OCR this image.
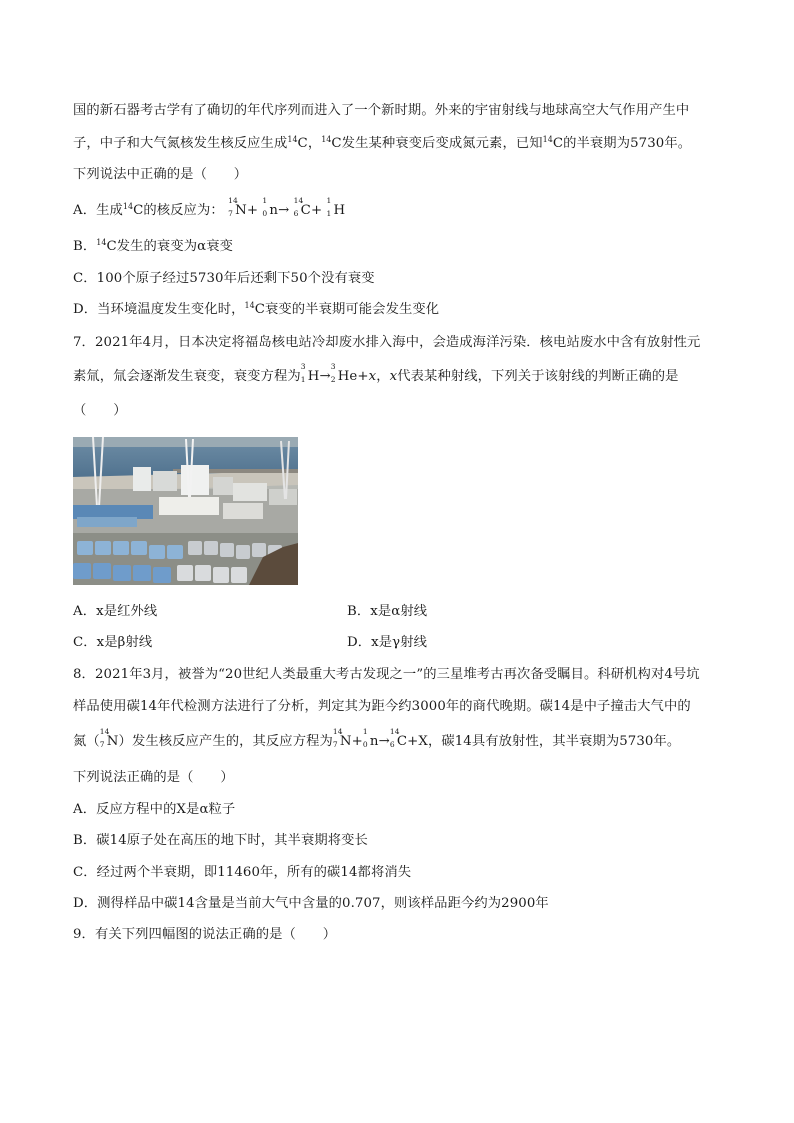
国的新石器考古学有了确切的年代序列而进入了一个新时期。外来的宇宙射线与地球高空大气作用产生中
子，中子和大气氮核发生核反应生成$^{14}$C，$^{14}$C发生某种衰变后变成氮元素，已知$^{14}$C的半衰期为5730年。
下列说法中正确的是（　　）
A．生成$^{14}$C的核反应为：
14
7 N+
1
0 n→
14
6 C+
1
1 H
B．$^{14}$C发生的衰变为α衰变
C．100个原子经过5730年后还剩下50个没有衰变
D．当环境温度发生变化时，$^{14}$C衰变的半衰期可能会发生变化
7．2021年4月，日本决定将福岛核电站冷却废水排入海中，会造成海洋污染．核电站废水中含有放射性元
素氚，氚会逐渐发生衰变，衰变方程为
3
1 H→
3
2 He+x，x代表某种射线，下列关于该射线的判断正确的是
（　　）
A．x是红外线	B．x是α射线
C．x是β射线	D．x是γ射线
8．2021年3月，被誉为“20世纪人类最重大考古发现之一”的三星堆考古再次备受瞩目。科研机构对4号坑
样品使用碳14年代检测方法进行了分析，判定其为距今约3000年的商代晚期。碳14是中子撞击大气中的
氮（
14
7 N）发生核反应产生的，其反应方程为
14
7 N+
1
0 n→
14
6 C+X，碳14具有放射性，其半衰期为5730年。
下列说法正确的是（　　）
A．反应方程中的X是α粒子
B．碳14原子处在高压的地下时，其半衰期将变长
C．经过两个半衰期，即11460年，所有的碳14都将消失
D．测得样品中碳14含量是当前大气中含量的0.707，则该样品距今约为2900年
9．有关下列四幅图的说法正确的是（　　）
